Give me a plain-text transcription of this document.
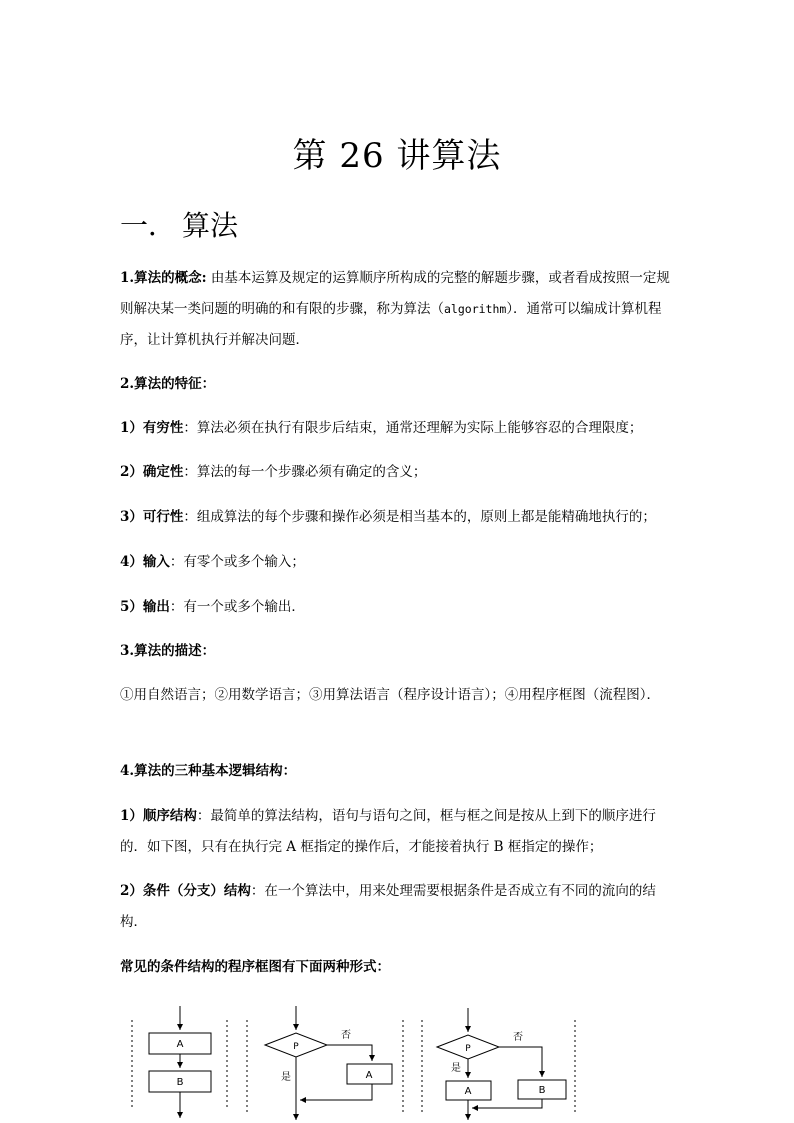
第 26 讲算法
一． 算法
1.算法的概念: 由基本运算及规定的运算顺序所构成的完整的解题步骤，或者看成按照一定规则解决某一类问题的明确的和有限的步骤，称为算法（algorithm）．通常可以编成计算机程序，让计算机执行并解决问题．
2.算法的特征：
1）有穷性：算法必须在执行有限步后结束，通常还理解为实际上能够容忍的合理限度；
2）确定性：算法的每一个步骤必须有确定的含义；
3）可行性：组成算法的每个步骤和操作必须是相当基本的，原则上都是能精确地执行的；
4）输入：有零个或多个输入；
5）输出：有一个或多个输出．
3.算法的描述：
①用自然语言；②用数学语言；③用算法语言（程序设计语言）；④用程序框图（流程图）．
4.算法的三种基本逻辑结构：
1）顺序结构：最简单的算法结构，语句与语句之间，框与框之间是按从上到下的顺序进行的．如下图，只有在执行完 A 框指定的操作后，才能接着执行 B 框指定的操作；
2）条件（分支）结构：在一个算法中，用来处理需要根据条件是否成立有不同的流向的结构．
常见的条件结构的程序框图有下面两种形式：
A
B
P
否
A
是
P
否
B
是
A
